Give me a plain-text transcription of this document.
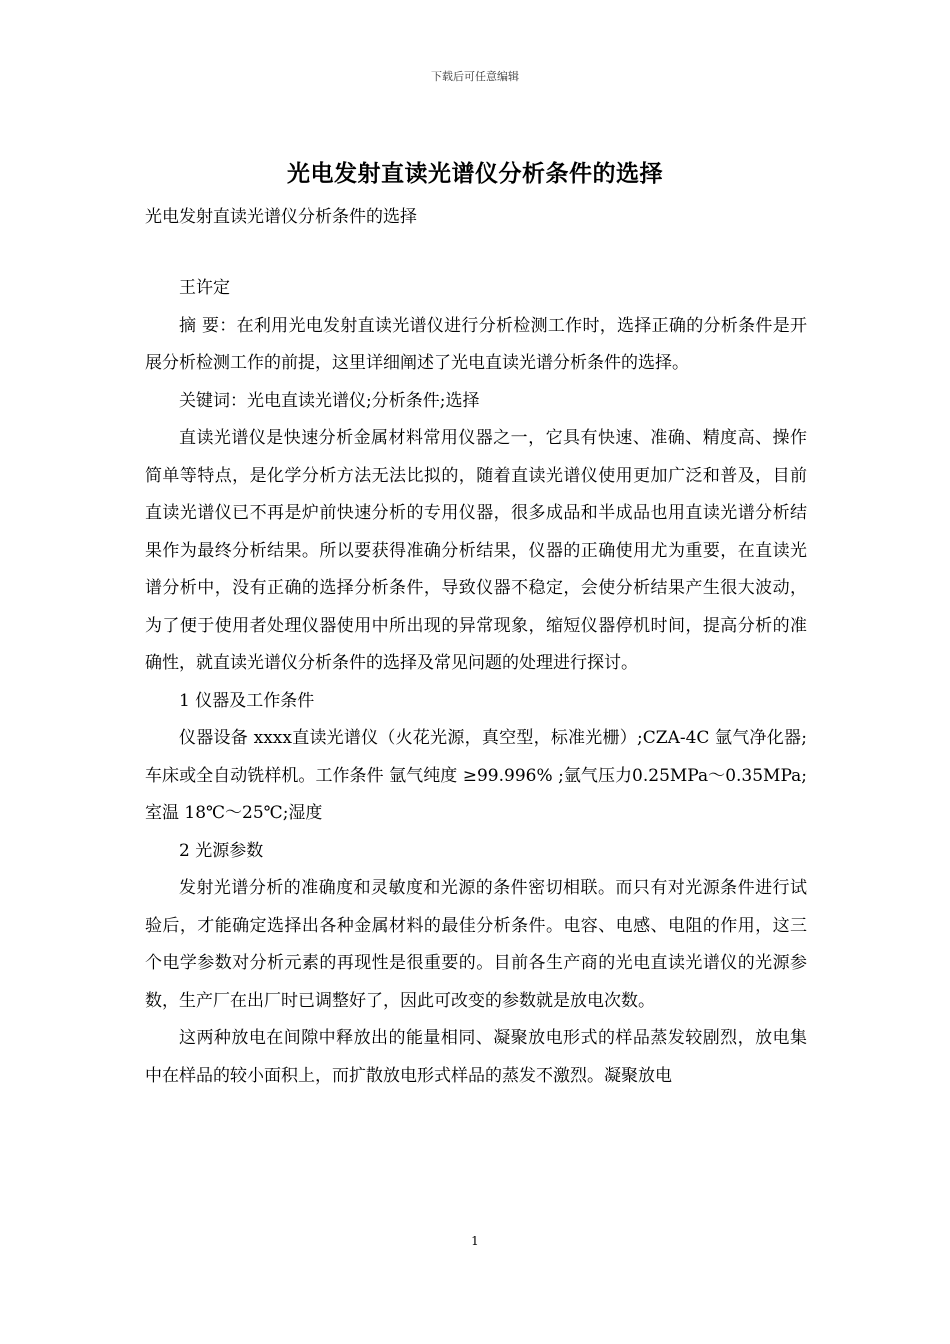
下载后可任意编辑
光电发射直读光谱仪分析条件的选择
光电发射直读光谱仪分析条件的选择

王许定

摘 要：在利用光电发射直读光谱仪进行分析检测工作时，选择正确的分析条件是开展分析检测工作的前提，这里详细阐述了光电直读光谱分析条件的选择。

关键词：光电直读光谱仪;分析条件;选择

直读光谱仪是快速分析金属材料常用仪器之一，它具有快速、准确、精度高、操作简单等特点，是化学分析方法无法比拟的，随着直读光谱仪使用更加广泛和普及，目前直读光谱仪已不再是炉前快速分析的专用仪器，很多成品和半成品也用直读光谱分析结果作为最终分析结果。所以要获得准确分析结果，仪器的正确使用尤为重要，在直读光谱分析中，没有正确的选择分析条件，导致仪器不稳定，会使分析结果产生很大波动，为了便于使用者处理仪器使用中所出现的异常现象，缩短仪器停机时间，提高分析的准确性，就直读光谱仪分析条件的选择及常见问题的处理进行探讨。

1 仪器及工作条件

仪器设备 xxxx直读光谱仪（火花光源，真空型，标准光栅）;CZA-4C 氩气净化器;车床或全自动铣样机。工作条件 氩气纯度 ≥99.996% ;氩气压力0.25MPa～0.35MPa;室温 18℃～25℃;湿度

2 光源参数

发射光谱分析的准确度和灵敏度和光源的条件密切相联。而只有对光源条件进行试验后，才能确定选择出各种金属材料的最佳分析条件。电容、电感、电阻的作用，这三个电学参数对分析元素的再现性是很重要的。目前各生产商的光电直读光谱仪的光源参数，生产厂在出厂时已调整好了，因此可改变的参数就是放电次数。

这两种放电在间隙中释放出的能量相同、凝聚放电形式的样品蒸发较剧烈，放电集中在样品的较小面积上，而扩散放电形式样品的蒸发不激烈。凝聚放电

1
